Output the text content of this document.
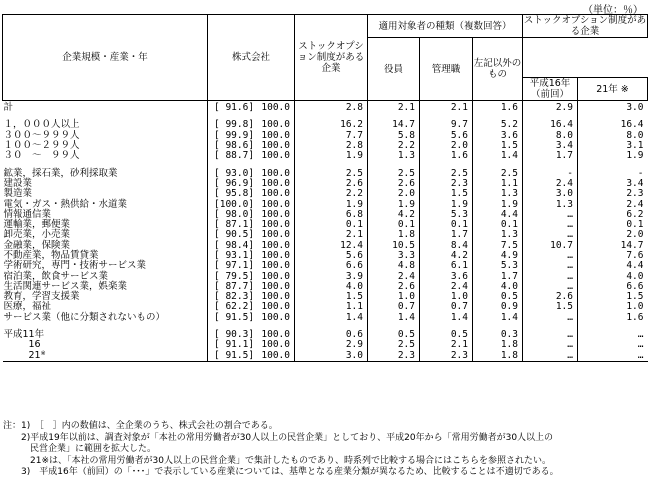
（単位：％）
企業規模・産業・年	株式会社	ストックオプション制度がある企業	適用対象者の種類（複数回答）			ストックオプション制度がある企業	
			役員	管理職	左記以外のもの		
						平成16年（前回）	21年 ※
計	[ 91.6] 100.0	2.8	2.1	2.1	1.6	2.9	3.0

１，０００人以上	[ 99.8] 100.0	16.2	14.7	9.7	5.2	16.4	16.4
３００～９９９人	[ 99.9] 100.0	7.7	5.8	5.6	3.6	8.0	8.0
１００～２９９人	[ 98.6] 100.0	2.8	2.2	2.0	1.5	3.4	3.1
３０　～　９９人	[ 88.7] 100.0	1.9	1.3	1.6	1.4	1.7	1.9

鉱業，採石業，砂利採取業	[ 93.0] 100.0	2.5	2.5	2.5	2.5	-	-
建設業	[ 96.9] 100.0	2.6	2.6	2.3	1.1	2.4	3.4
製造業	[ 95.8] 100.0	2.2	2.0	1.5	1.3	3.0	2.3
電気・ガス・熱供給・水道業	[100.0] 100.0	1.9	1.9	1.9	1.9	1.3	2.4
情報通信業	[ 98.0] 100.0	6.8	4.2	5.3	4.4	…	6.2
運輸業，郵便業	[ 87.1] 100.0	0.1	0.1	0.1	0.1	…	0.1
卸売業，小売業	[ 90.5] 100.0	2.1	1.8	1.7	1.3	…	2.0
金融業，保険業	[ 98.4] 100.0	12.4	10.5	8.4	7.5	10.7	14.7
不動産業，物品賃貸業	[ 93.1] 100.0	5.6	3.3	4.2	4.9	…	7.6
学術研究，専門・技術サービス業	[ 97.1] 100.0	6.6	4.8	6.1	5.3	…	4.4
宿泊業，飲食サービス業	[ 79.5] 100.0	3.9	2.4	3.6	1.7	…	4.0
生活関連サービス業，娯楽業	[ 87.7] 100.0	4.0	2.6	2.4	4.0	…	6.6
教育，学習支援業	[ 82.3] 100.0	1.5	1.0	1.0	0.5	2.6	1.5
医療，福祉	[ 62.2] 100.0	1.1	0.7	0.7	0.9	1.5	1.0
サービス業（他に分類されないもの）	[ 91.5] 100.0	1.4	1.4	1.4	1.4	…	1.6

平成11年	[ 90.3] 100.0	0.6	0.5	0.5	0.3	…	…
16	[ 91.1] 100.0	2.9	2.5	2.1	1.8	…	…
21※	[ 91.5] 100.0	3.0	2.3	2.3	1.8	…	…
注：1)　［　］内の数値は、全企業のうち、株式会社の割合である。
　　2)平成19年以前は、調査対象が「本社の常用労働者が30人以上の民営企業」としており、平成20年から「常用労働者が30人以上の
　　　民営企業」に範囲を拡大した。
　　　21※は、「本社の常用労働者が30人以上の民営企業」で集計したものであり、時系列で比較する場合にはこちらを参照されたい。
　　3)　平成16年（前回）の「･･･」で表示している産業については、基準となる産業分類が異なるため、比較することは不適切である。
